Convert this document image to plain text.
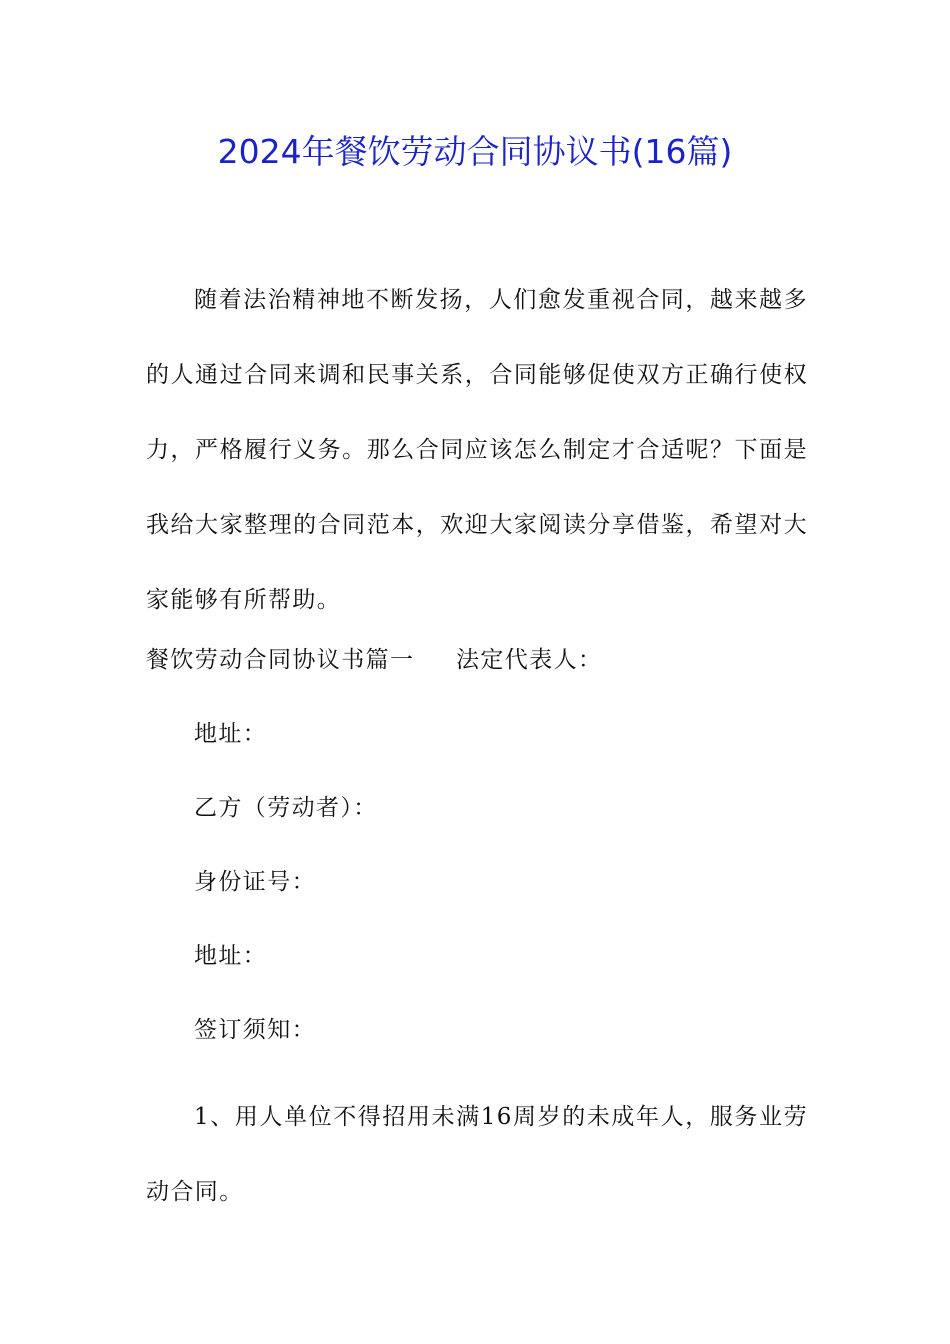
2024年餐饮劳动合同协议书(16篇)
随着法治精神地不断发扬，人们愈发重视合同，越来越多的人通过合同来调和民事关系，合同能够促使双方正确行使权力，严格履行义务。那么合同应该怎么制定才合适呢？下面是我给大家整理的合同范本，欢迎大家阅读分享借鉴，希望对大家能够有所帮助。
餐饮劳动合同协议书篇一 法定代表人：
地址：
乙方（劳动者）：
身份证号：
地址：
签订须知：
1、用人单位不得招用未满16周岁的未成年人，服务业劳动合同。
